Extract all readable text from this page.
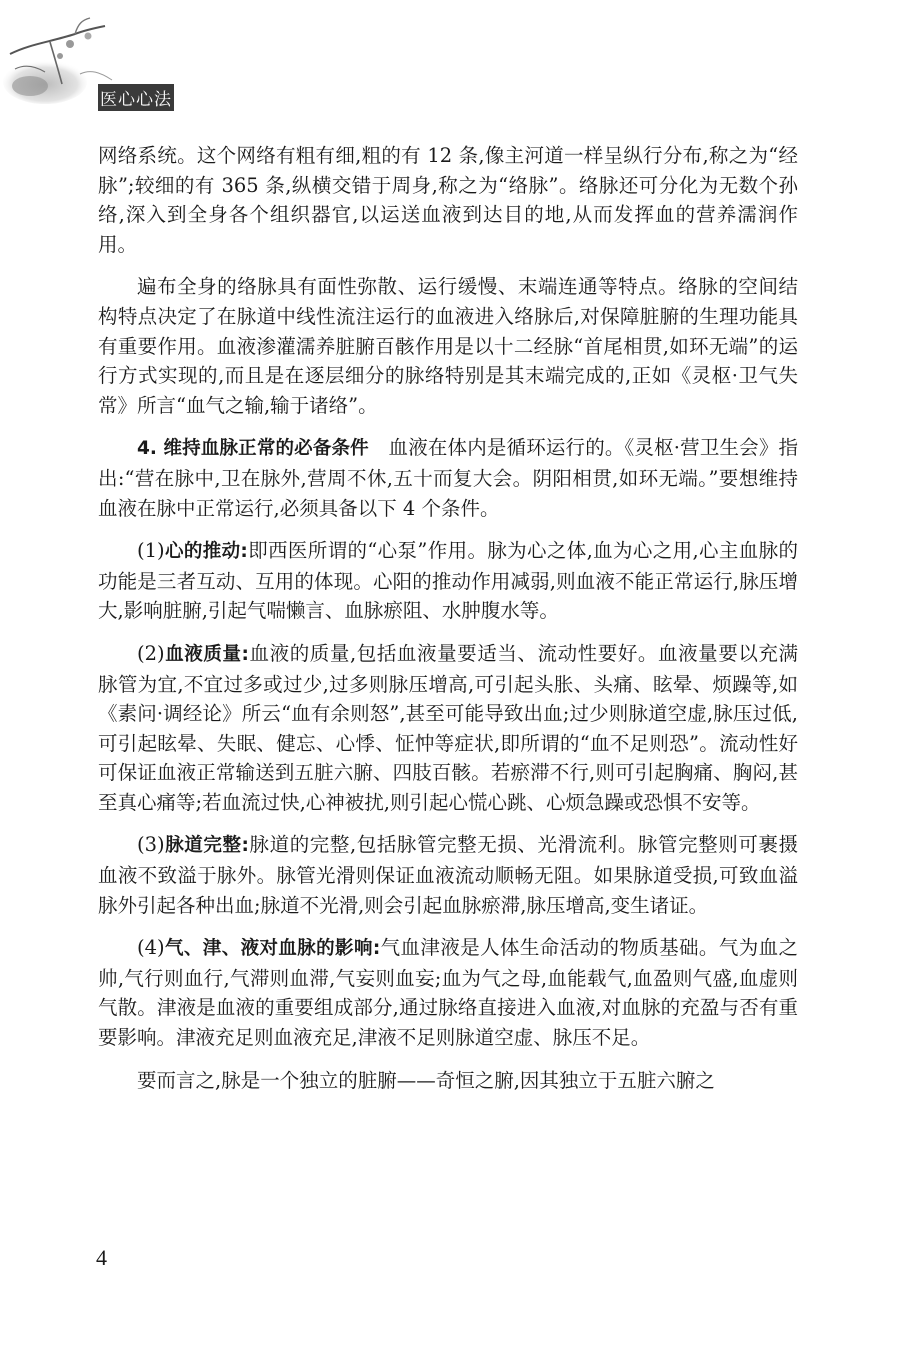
医心心法

网络系统。这个网络有粗有细,粗的有 12 条,像主河道一样呈纵行分布,称之为“经脉”;较细的有 365 条,纵横交错于周身,称之为“络脉”。络脉还可分化为无数个孙络,深入到全身各个组织器官,以运送血液到达目的地,从而发挥血的营养濡润作用。

遍布全身的络脉具有面性弥散、运行缓慢、末端连通等特点。络脉的空间结构特点决定了在脉道中线性流注运行的血液进入络脉后,对保障脏腑的生理功能具有重要作用。血液渗灌濡养脏腑百骸作用是以十二经脉“首尾相贯,如环无端”的运行方式实现的,而且是在逐层细分的脉络特别是其末端完成的,正如《灵枢·卫气失常》所言“血气之输,输于诸络”。

4. 维持血脉正常的必备条件　血液在体内是循环运行的。《灵枢·营卫生会》指出:“营在脉中,卫在脉外,营周不休,五十而复大会。阴阳相贯,如环无端。”要想维持血液在脉中正常运行,必须具备以下 4 个条件。

(1)心的推动:即西医所谓的“心泵”作用。脉为心之体,血为心之用,心主血脉的功能是三者互动、互用的体现。心阳的推动作用减弱,则血液不能正常运行,脉压增大,影响脏腑,引起气喘懒言、血脉瘀阻、水肿腹水等。

(2)血液质量:血液的质量,包括血液量要适当、流动性要好。血液量要以充满脉管为宜,不宜过多或过少,过多则脉压增高,可引起头胀、头痛、眩晕、烦躁等,如《素问·调经论》所云“血有余则怒”,甚至可能导致出血;过少则脉道空虚,脉压过低,可引起眩晕、失眠、健忘、心悸、怔忡等症状,即所谓的“血不足则恐”。流动性好可保证血液正常输送到五脏六腑、四肢百骸。若瘀滞不行,则可引起胸痛、胸闷,甚至真心痛等;若血流过快,心神被扰,则引起心慌心跳、心烦急躁或恐惧不安等。

(3)脉道完整:脉道的完整,包括脉管完整无损、光滑流利。脉管完整则可裹摄血液不致溢于脉外。脉管光滑则保证血液流动顺畅无阻。如果脉道受损,可致血溢脉外引起各种出血;脉道不光滑,则会引起血脉瘀滞,脉压增高,变生诸证。

(4)气、津、液对血脉的影响:气血津液是人体生命活动的物质基础。气为血之帅,气行则血行,气滞则血滞,气妄则血妄;血为气之母,血能载气,血盈则气盛,血虚则气散。津液是血液的重要组成部分,通过脉络直接进入血液,对血脉的充盈与否有重要影响。津液充足则血液充足,津液不足则脉道空虚、脉压不足。

要而言之,脉是一个独立的脏腑——奇恒之腑,因其独立于五脏六腑之

4
